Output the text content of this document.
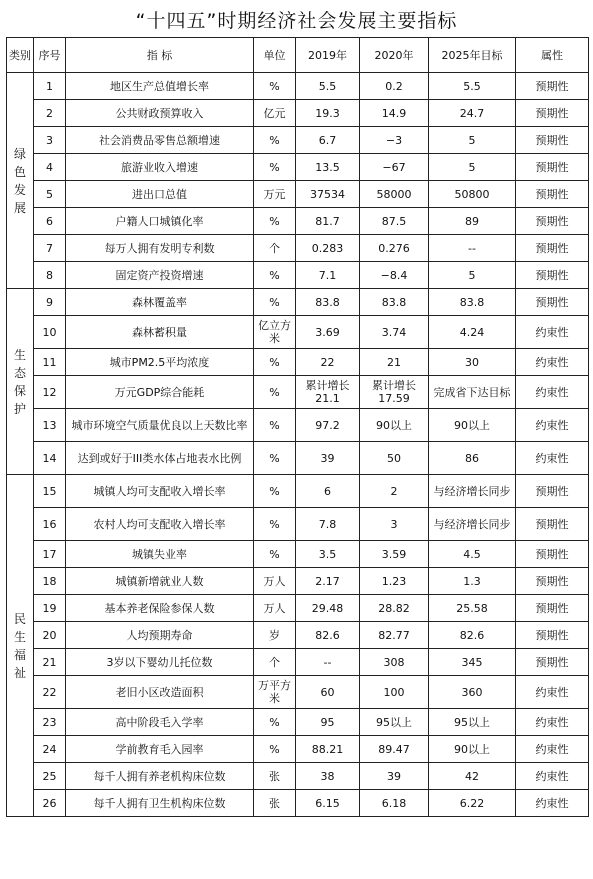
“十四五”时期经济社会发展主要指标
类别	序号	指 标	单位	2019年	2020年	2025年目标	属性
绿色发展	1	地区生产总值增长率	%	5.5	0.2	5.5	预期性
	2	公共财政预算收入	亿元	19.3	14.9	24.7	预期性
	3	社会消费品零售总额增速	%	6.7	−3	5	预期性
	4	旅游业收入增速	%	13.5	−67	5	预期性
	5	进出口总值	万元	37534	58000	50800	预期性
	6	户籍人口城镇化率	%	81.7	87.5	89	预期性
	7	每万人拥有发明专利数	个	0.283	0.276	--	预期性
	8	固定资产投资增速	%	7.1	−8.4	5	预期性
生态保护	9	森林覆盖率	%	83.8	83.8	83.8	预期性
	10	森林蓄积量	亿立方米	3.69	3.74	4.24	约束性
	11	城市PM2.5平均浓度	%	22	21	30	约束性
	12	万元GDP综合能耗	%	累计增长21.1	累计增长17.59	完成省下达目标	约束性
	13	城市环境空气质量优良以上天数比率	%	97.2	90以上	90以上	约束性
	14	达到或好于III类水体占地表水比例	%	39	50	86	约束性
民生福祉	15	城镇人均可支配收入增长率	%	6	2	与经济增长同步	预期性
	16	农村人均可支配收入增长率	%	7.8	3	与经济增长同步	预期性
	17	城镇失业率	%	3.5	3.59	4.5	预期性
	18	城镇新增就业人数	万人	2.17	1.23	1.3	预期性
	19	基本养老保险参保人数	万人	29.48	28.82	25.58	预期性
	20	人均预期寿命	岁	82.6	82.77	82.6	预期性
	21	3岁以下婴幼儿托位数	个	--	308	345	预期性
	22	老旧小区改造面积	万平方米	60	100	360	约束性
	23	高中阶段毛入学率	%	95	95以上	95以上	约束性
	24	学前教育毛入园率	%	88.21	89.47	90以上	约束性
	25	每千人拥有养老机构床位数	张	38	39	42	约束性
	26	每千人拥有卫生机构床位数	张	6.15	6.18	6.22	约束性
